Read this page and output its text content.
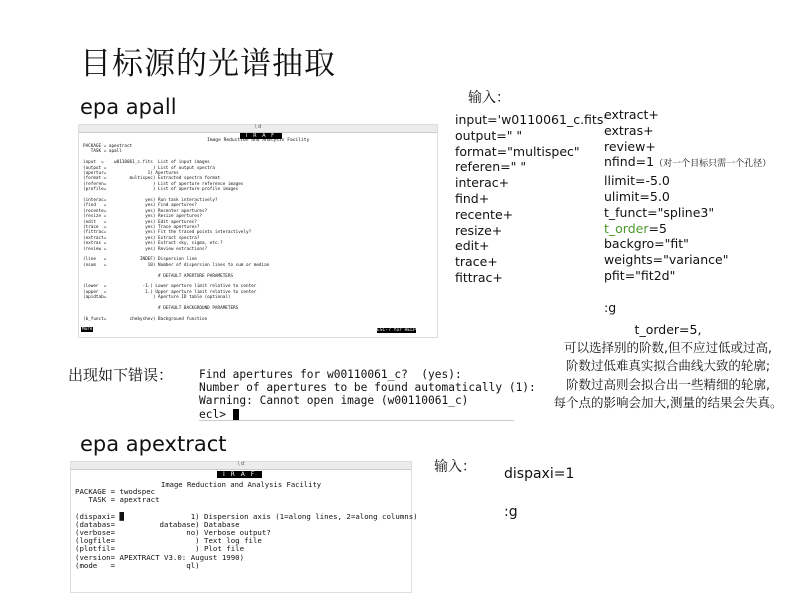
目标源的光谱抽取
epa apall	输入：
\ d
I R A F
Image Reduction and Analysis Facility
PACKAGE = apextract
TASK = apall
input  =    w0110061_c.fits  List of input images
(output =                  ) List of output spectra
(apertur=                1) Apertures
(format =         multispec) Extracted spectra format
(referen=                  ) List of aperture reference images
(profile=                  ) List of aperture profile images
(interac=               yes) Run task interactively?
(find   =               yes) Find apertures?
(recente=               yes) Recenter apertures?
(resize =               yes) Resize apertures?
(edit   =               yes) Edit apertures?
(trace  =               yes) Trace apertures?
(fittrac=               yes) Fit the traced points interactively?
(extract=               yes) Extract spectra?
(extras =               yes) Extract sky, sigma, etc.?
(review =               yes) Review extractions?
(line   =             INDEF) Dispersion line
(nsum   =                10) Number of dispersion lines to sum or median
# DEFAULT APERTURE PARAMETERS
(lower  =              -1.) Lower aperture limit relative to center
(upper  =               1.) Upper aperture limit relative to center
(apidtab=                  ) Aperture ID table (optional)
# DEFAULT BACKGROUND PARAMETERS
(b_funct=         chebyshev) Background function
More	ESC-? for HELP
input='w0110061_c.fits'
output=" "
format="multispec"
referen=" "
interac+
find+
recente+
resize+
edit+
trace+
fittrac+
extract+
extras+
review+
nfind=1（对一个目标只需一个孔径）
llimit=-5.0
ulimit=5.0
t_funct="spline3"
t_order=5
backgro="fit"
weights="variance"
pfit="fit2d"

:g
t_order=5,
可以选择别的阶数,但不应过低或过高,
阶数过低难真实拟合曲线大致的轮廓;
阶数过高则会拟合出一些精细的轮廓,
每个点的影响会加大,测量的结果会失真。
出现如下错误： Find apertures for w00110061_c?  (yes):
Number of apertures to be found automatically (1):
Warning: Cannot open image (w00110061_c)
ecl>
epa apextract
输入： dispaxi=1
:g
\ d
I R A F
Image Reduction and Analysis Facility
PACKAGE = twodspec
TASK = apextract
(dispaxi= █               1) Dispersion axis (1=along lines, 2=along columns)
(databas=          database) Database
(verbose=                no) Verbose output?
(logfile=                  ) Text log file
(plotfil=                  ) Plot file
(version= APEXTRACT V3.0: August 1990)
(mode   =                ql)
